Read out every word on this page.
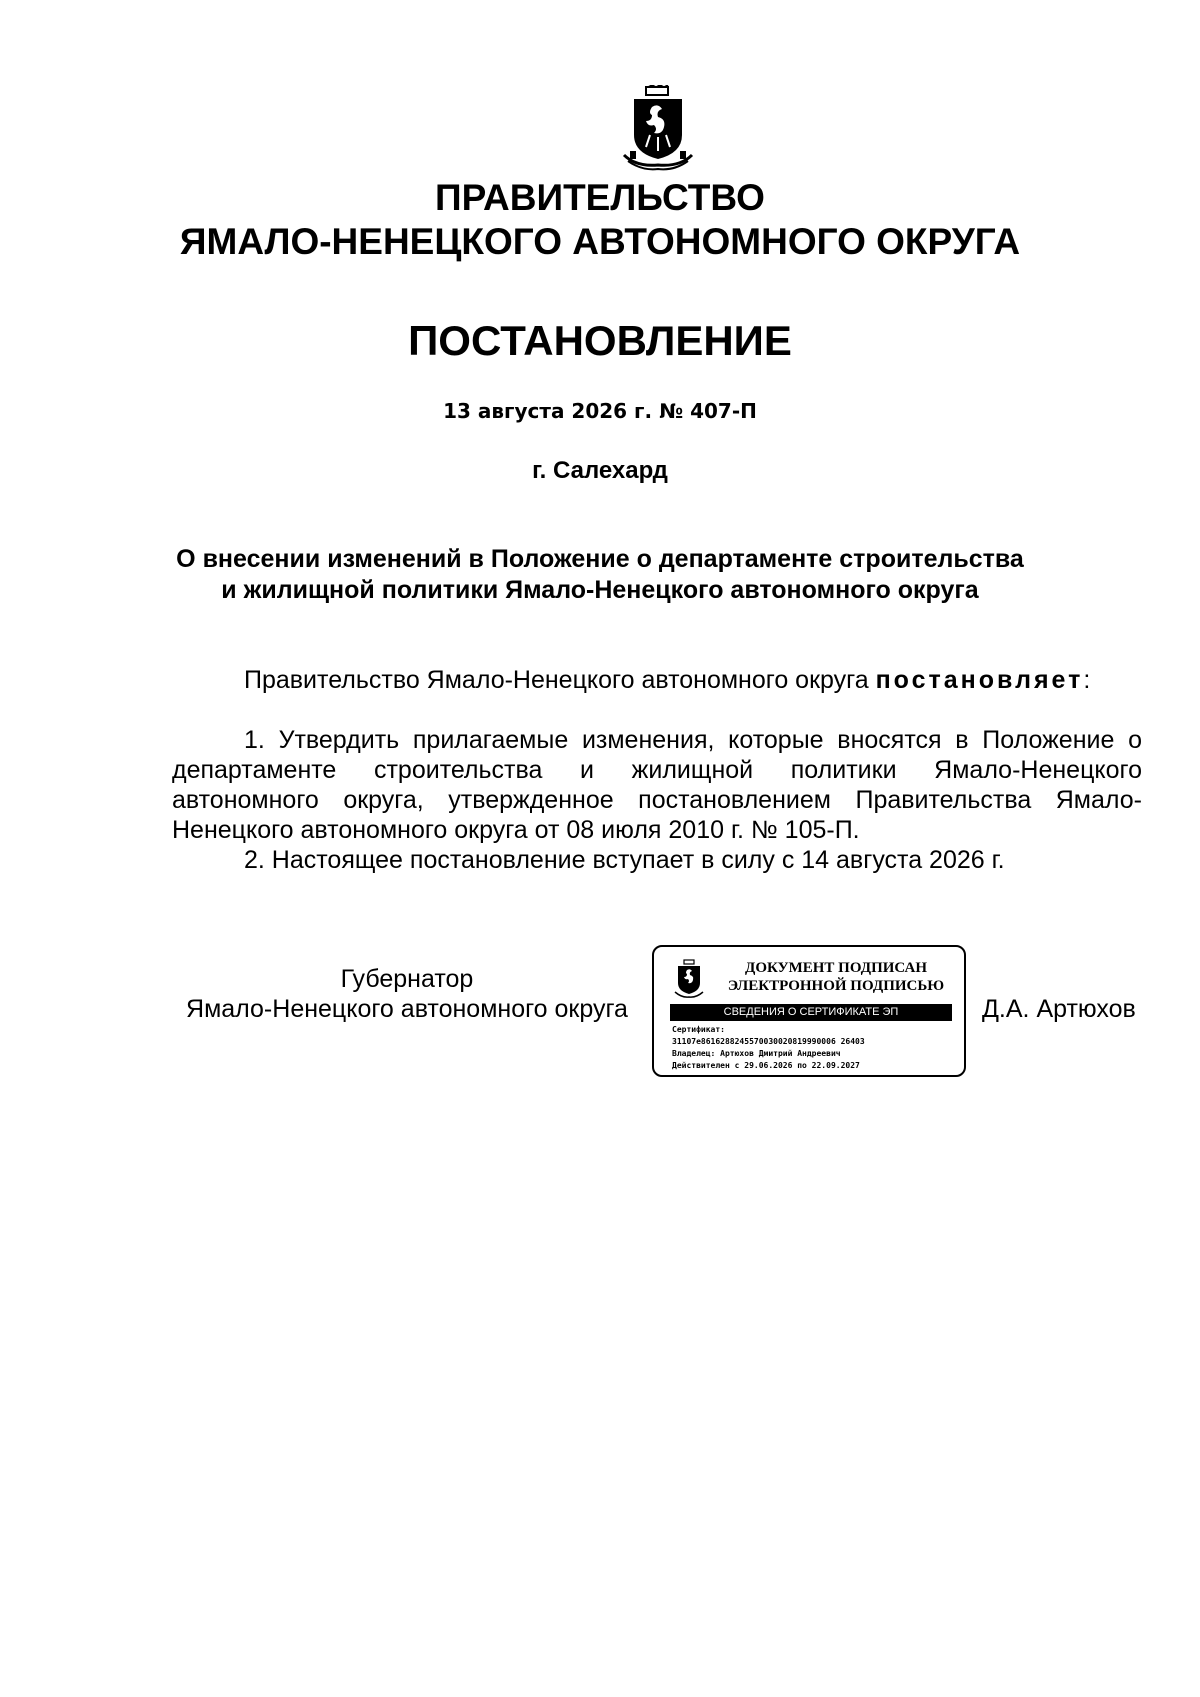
ПРАВИТЕЛЬСТВО
ЯМАЛО-НЕНЕЦКОГО АВТОНОМНОГО ОКРУГА
ПОСТАНОВЛЕНИЕ
13 августа 2026 г. № 407-П
г. Салехард
О внесении изменений в Положение о департаменте строительства
и жилищной политики Ямало-Ненецкого автономного округа
Правительство Ямало-Ненецкого автономного округа постановляет:
1. Утвердить прилагаемые изменения, которые вносятся в Положение о департаменте строительства и жилищной политики Ямало-Ненецкого автономного округа, утвержденное постановлением Правительства Ямало-Ненецкого автономного округа от 08 июля 2010 г. № 105-П.
2. Настоящее постановление вступает в силу с 14 августа 2026 г.
Губернатор
Ямало-Ненецкого автономного округа
ДОКУМЕНТ ПОДПИСАН
ЭЛЕКТРОННОЙ ПОДПИСЬЮ
СВЕДЕНИЯ О СЕРТИФИКАТЕ ЭП
Сертификат:
31107e8616288245570030020819990006 26403
Владелец: Артюхов Дмитрий Андреевич
Действителен с 29.06.2026 по 22.09.2027
Д.А. Артюхов
